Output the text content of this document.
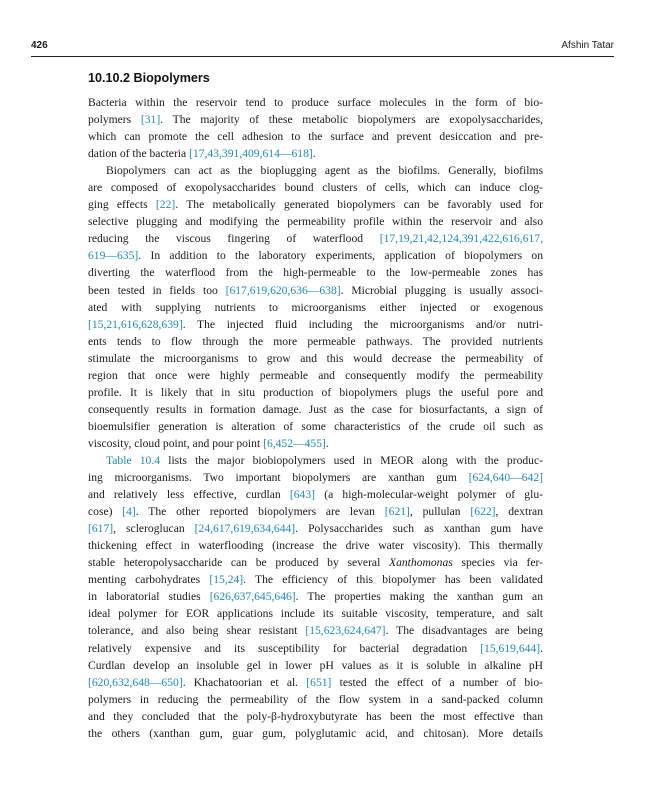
426	Afshin Tatar
10.10.2 Biopolymers
Bacteria within the reservoir tend to produce surface molecules in the form of bio-
polymers [31]. The majority of these metabolic biopolymers are exopolysaccharides,
which can promote the cell adhesion to the surface and prevent desiccation and pre-
dation of the bacteria [17,43,391,409,614—618].
Biopolymers can act as the bioplugging agent as the biofilms. Generally, biofilms
are composed of exopolysaccharides bound clusters of cells, which can induce clog-
ging effects [22]. The metabolically generated biopolymers can be favorably used for
selective plugging and modifying the permeability profile within the reservoir and also
reducing the viscous fingering of waterflood [17,19,21,42,124,391,422,616,617,
619—635]. In addition to the laboratory experiments, application of biopolymers on
diverting the waterflood from the high-permeable to the low-permeable zones has
been tested in fields too [617,619,620,636—638]. Microbial plugging is usually associ-
ated with supplying nutrients to microorganisms either injected or exogenous
[15,21,616,628,639]. The injected fluid including the microorganisms and/or nutri-
ents tends to flow through the more permeable pathways. The provided nutrients
stimulate the microorganisms to grow and this would decrease the permeability of
region that once were highly permeable and consequently modify the permeability
profile. It is likely that in situ production of biopolymers plugs the useful pore and
consequently results in formation damage. Just as the case for biosurfactants, a sign of
bioemulsifier generation is alteration of some characteristics of the crude oil such as
viscosity, cloud point, and pour point [6,452—455].
Table 10.4 lists the major biobiopolymers used in MEOR along with the produc-
ing microorganisms. Two important biopolymers are xanthan gum [624,640—642]
and relatively less effective, curdlan [643] (a high-molecular-weight polymer of glu-
cose) [4]. The other reported biopolymers are levan [621], pullulan [622], dextran
[617], scleroglucan [24,617,619,634,644]. Polysaccharides such as xanthan gum have
thickening effect in waterflooding (increase the drive water viscosity). This thermally
stable heteropolysaccharide can be produced by several Xanthomonas species via fer-
menting carbohydrates [15,24]. The efficiency of this biopolymer has been validated
in laboratorial studies [626,637,645,646]. The properties making the xanthan gum an
ideal polymer for EOR applications include its suitable viscosity, temperature, and salt
tolerance, and also being shear resistant [15,623,624,647]. The disadvantages are being
relatively expensive and its susceptibility for bacterial degradation [15,619,644].
Curdlan develop an insoluble gel in lower pH values as it is soluble in alkaline pH
[620,632,648—650]. Khachatoorian et al. [651] tested the effect of a number of bio-
polymers in reducing the permeability of the flow system in a sand-packed column
and they concluded that the poly-β-hydroxybutyrate has been the most effective than
the others (xanthan gum, guar gum, polyglutamic acid, and chitosan). More details
